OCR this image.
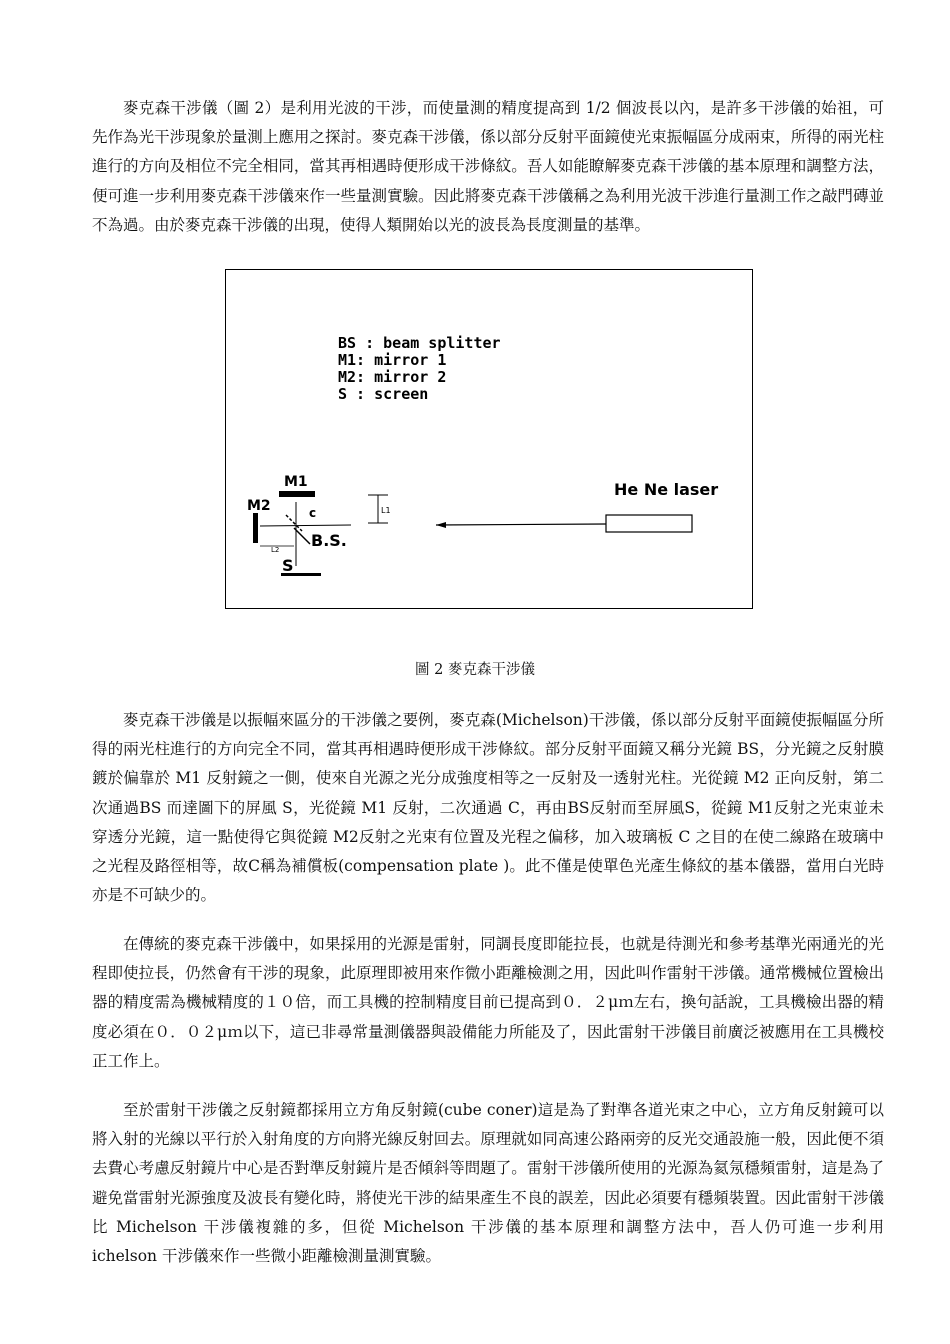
麥克森干涉儀（圖 2）是利用光波的干涉，而使量測的精度提高到 1/2 個波長以內，是許多干涉儀的始祖，可先作為光干涉現象於量測上應用之探討。麥克森干涉儀，係以部分反射平面鏡使光束振幅區分成兩束，所得的兩光柱進行的方向及相位不完全相同，當其再相遇時便形成干涉條紋。吾人如能瞭解麥克森干涉儀的基本原理和調整方法，便可進一步利用麥克森干涉儀來作一些量測實驗。因此將麥克森干涉儀稱之為利用光波干涉進行量測工作之敲門磚並不為過。由於麥克森干涉儀的出現，使得人類開始以光的波長為長度測量的基準。

BS : beam splitter
M1: mirror 1
M2: mirror 2
S : screen
He Ne laser
M1
M2	c
B.S.
L2
L1
S
圖 2 麥克森干涉儀

麥克森干涉儀是以振幅來區分的干涉儀之要例，麥克森(Michelson)干涉儀，係以部分反射平面鏡使振幅區分所得的兩光柱進行的方向完全不同，當其再相遇時便形成干涉條紋。部分反射平面鏡又稱分光鏡 BS，分光鏡之反射膜鍍於偏靠於 M1 反射鏡之一側，使來自光源之光分成強度相等之一反射及一透射光柱。光從鏡 M2 正向反射，第二次通過BS 而達圖下的屏風 S，光從鏡 M1 反射，二次通過 C，再由BS反射而至屏風S，從鏡 M1反射之光束並未穿透分光鏡，這一點使得它與從鏡 M2反射之光束有位置及光程之偏移，加入玻璃板 C 之目的在使二線路在玻璃中之光程及路徑相等，故C稱為補償板(compensation plate )。此不僅是使單色光產生條紋的基本儀器，當用白光時亦是不可缺少的。

在傳統的麥克森干涉儀中，如果採用的光源是雷射，同調長度即能拉長，也就是待測光和參考基準光兩通光的光程即使拉長，仍然會有干涉的現象，此原理即被用來作微小距離檢測之用，因此叫作雷射干涉儀。通常機械位置檢出器的精度需為機械精度的１０倍，而工具機的控制精度目前已提高到０．２μｍ左右，換句話說，工具機檢出器的精度必須在０．０２μｍ以下，這已非尋常量測儀器與設備能力所能及了，因此雷射干涉儀目前廣泛被應用在工具機校正工作上。

至於雷射干涉儀之反射鏡都採用立方角反射鏡(cube coner)這是為了對準各道光束之中心，立方角反射鏡可以將入射的光線以平行於入射角度的方向將光線反射回去。原理就如同高速公路兩旁的反光交通設施一般，因此便不須去費心考慮反射鏡片中心是否對準反射鏡片是否傾斜等問題了。雷射干涉儀所使用的光源為氦氖穩頻雷射，這是為了避免當雷射光源強度及波長有變化時，將使光干涉的結果產生不良的誤差，因此必須要有穩頻裝置。因此雷射干涉儀比 Michelson 干涉儀複雜的多，但從 Michelson 干涉儀的基本原理和調整方法中，吾人仍可進一步利用 ichelson 干涉儀來作一些微小距離檢測量測實驗。
